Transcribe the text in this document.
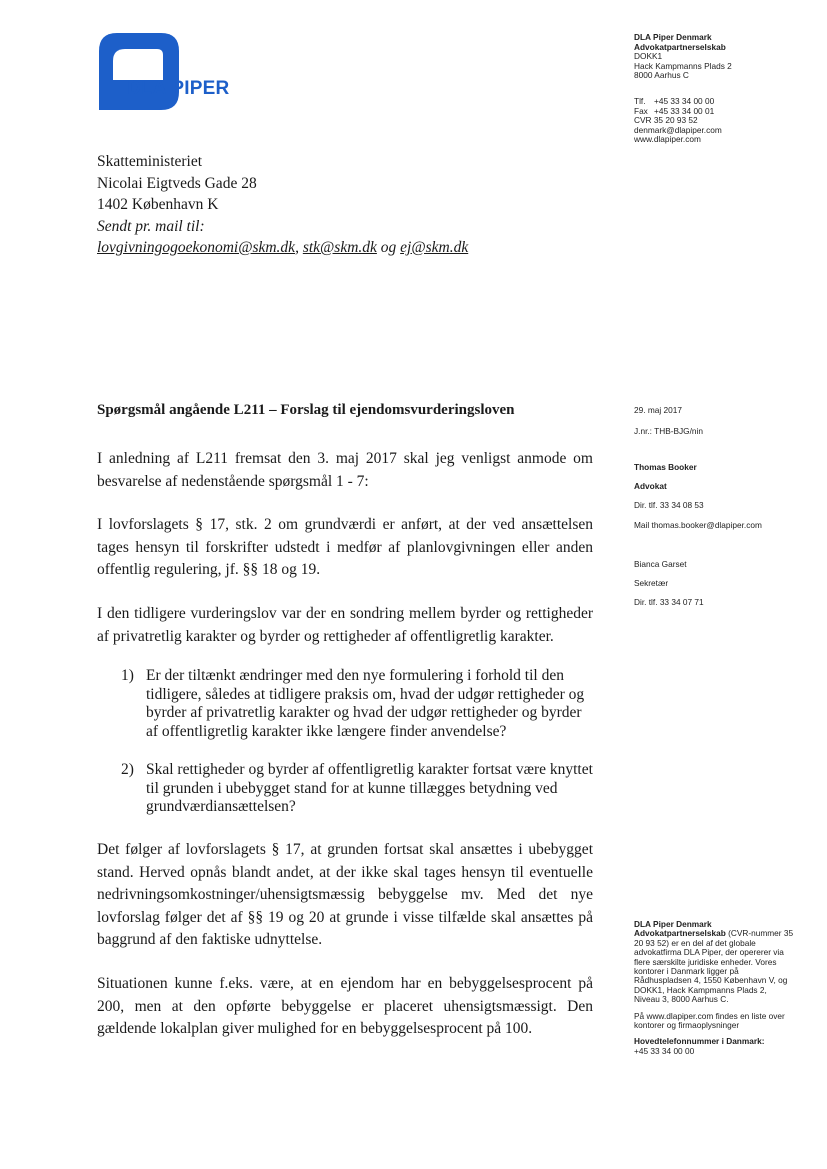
DLA PIPER
DLA Piper Denmark
Advokatpartnerselskab
DOKK1
Hack Kampmanns Plads 2
8000 Aarhus C
Tlf.	+45 33 34 00 00
Fax +45 33 34 00 01
CVR 35 20 93 52
denmark@dlapiper.com
www.dlapiper.com
Skatteministeriet
Nicolai Eigtveds Gade 28
1402 København K
Sendt pr. mail til:
lovgivningogoekonomi@skm.dk, stk@skm.dk og ej@skm.dk
Spørgsmål angående L211 – Forslag til ejendomsvurderingsloven
I anledning af L211 fremsat den 3. maj 2017 skal jeg venligst anmode om besvarelse af nedenstående spørgsmål 1 - 7:
I lovforslagets § 17, stk. 2 om grundværdi er anført, at der ved ansættelsen tages hensyn til forskrifter udstedt i medfør af planlovgivningen eller anden offentlig regulering, jf. §§ 18 og 19.
I den tidligere vurderingslov var der en sondring mellem byrder og rettigheder af privatretlig karakter og byrder og rettigheder af offentligretlig karakter.
1) Er der tiltænkt ændringer med den nye formulering i forhold til den tidligere, således at tidligere praksis om, hvad der udgør rettigheder og byrder af privatretlig karakter og hvad der udgør rettigheder og byrder af offentligretlig karakter ikke længere finder anvendelse?
2) Skal rettigheder og byrder af offentligretlig karakter fortsat være knyttet til grunden i ubebygget stand for at kunne tillægges betydning ved grundværdiansættelsen?
Det følger af lovforslagets § 17, at grunden fortsat skal ansættes i ubebygget stand. Herved opnås blandt andet, at der ikke skal tages hensyn til eventuelle nedrivningsomkostninger/uhensigtsmæssig bebyggelse mv. Med det nye lovforslag følger det af §§ 19 og 20 at grunde i visse tilfælde skal ansættes på baggrund af den faktiske udnyttelse.
Situationen kunne f.eks. være, at en ejendom har en bebyggelsesprocent på 200, men at den opførte bebyggelse er placeret uhensigtsmæssigt. Den gældende lokalplan giver mulighed for en bebyggelsesprocent på 100.
29. maj 2017
J.nr.: THB-BJG/nin
Thomas Booker
Advokat
Dir. tlf. 33 34 08 53
Mail thomas.booker@dlapiper.com
Bianca Garset
Sekretær
Dir. tlf. 33 34 07 71

DLA Piper Denmark Advokatpartnerselskab (CVR-nummer 35 20 93 52) er en del af det globale advokatfirma DLA Piper, der opererer via flere særskilte juridiske enheder. Vores kontorer i Danmark ligger på Rådhuspladsen 4, 1550 København V, og DOKK1, Hack Kampmanns Plads 2, Niveau 3, 8000 Aarhus C.

På www.dlapiper.com findes en liste over kontorer og firmaoplysninger

Hovedtelefonnummer i Danmark:
+45 33 34 00 00
